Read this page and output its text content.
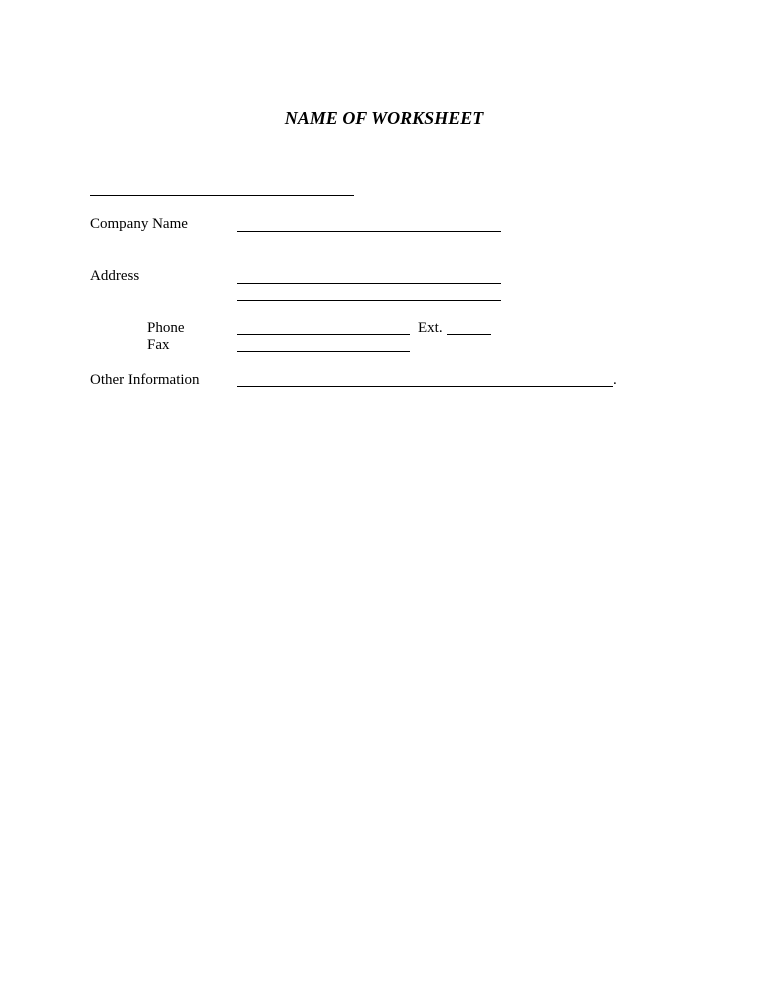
NAME OF WORKSHEET
Company Name
Address
Phone	Ext.
Fax
Other Information	.
